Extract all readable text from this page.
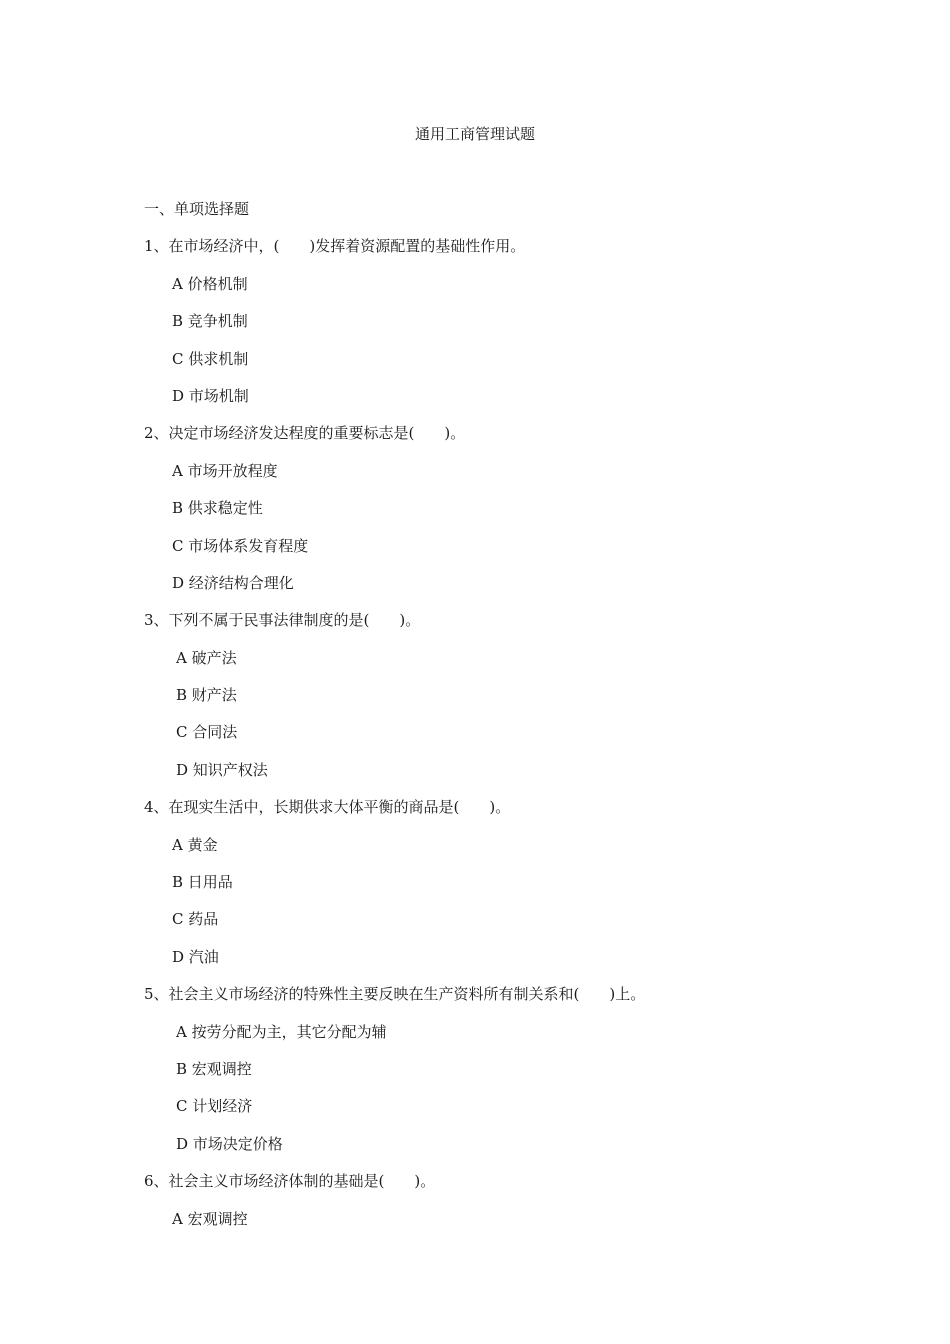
通用工商管理试题

一、单项选择题

1、在市场经济中，(　　)发挥着资源配置的基础性作用。

A 价格机制

B 竞争机制

C 供求机制

D 市场机制

2、决定市场经济发达程度的重要标志是(　　)。

A 市场开放程度

B 供求稳定性

C 市场体系发育程度

D 经济结构合理化

3、下列不属于民事法律制度的是(　　)。

A 破产法

B 财产法

C 合同法

D 知识产权法

4、在现实生活中，长期供求大体平衡的商品是(　　)。

A 黄金

B 日用品

C 药品

D 汽油

5、社会主义市场经济的特殊性主要反映在生产资料所有制关系和(　　)上。

A 按劳分配为主，其它分配为辅

B 宏观调控

C 计划经济

D 市场决定价格

6、社会主义市场经济体制的基础是(　　)。

A 宏观调控
